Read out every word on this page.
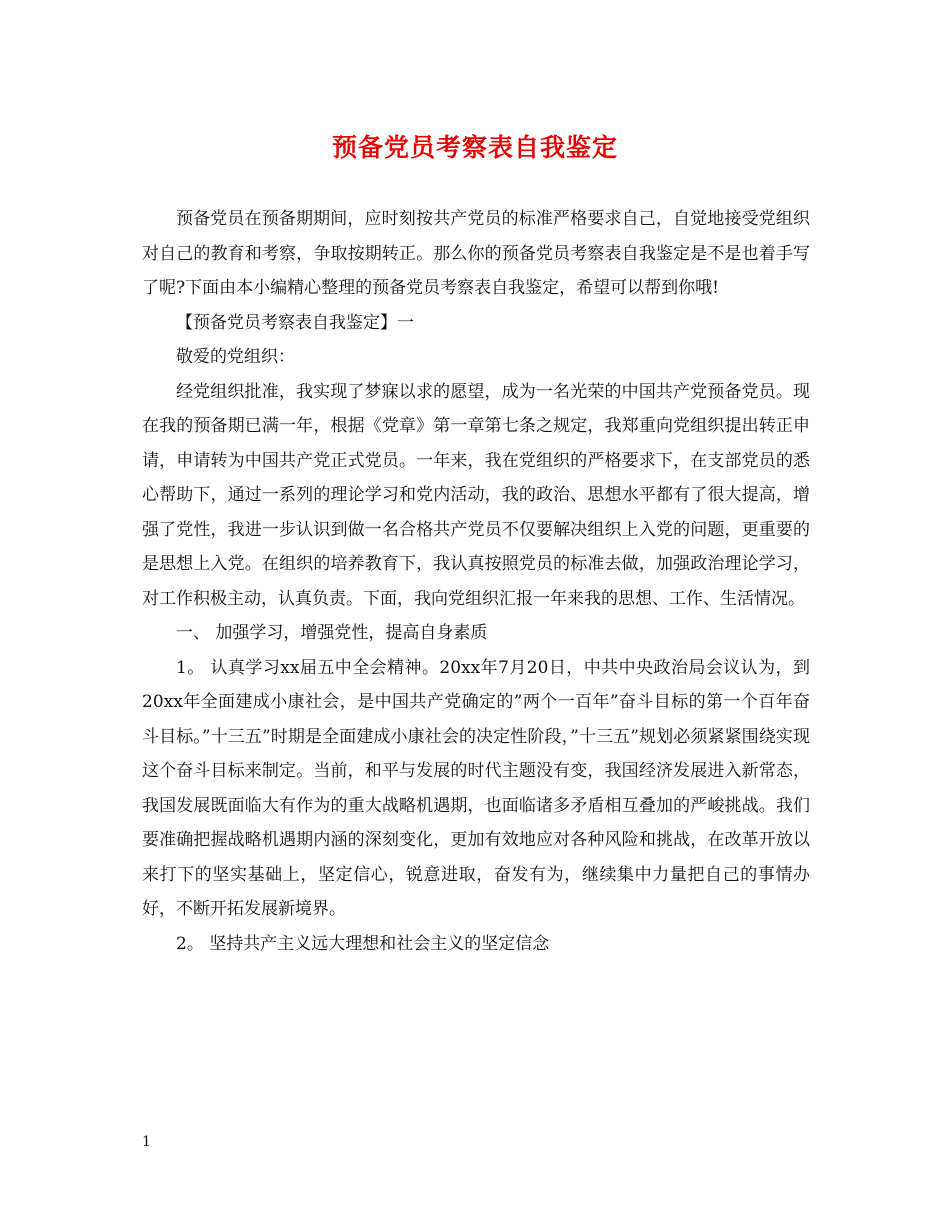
预备党员考察表自我鉴定

预备党员在预备期期间，应时刻按共产党员的标准严格要求自己，自觉地接受党组织对自己的教育和考察，争取按期转正。那么你的预备党员考察表自我鉴定是不是也着手写了呢?下面由本小编精心整理的预备党员考察表自我鉴定，希望可以帮到你哦!

【预备党员考察表自我鉴定】一

敬爱的党组织：

经党组织批准，我实现了梦寐以求的愿望，成为一名光荣的中国共产党预备党员。现在我的预备期已满一年，根据《党章》第一章第七条之规定，我郑重向党组织提出转正申请，申请转为中国共产党正式党员。一年来，我在党组织的严格要求下，在支部党员的悉心帮助下，通过一系列的理论学习和党内活动，我的政治、思想水平都有了很大提高，增强了党性，我进一步认识到做一名合格共产党员不仅要解决组织上入党的问题，更重要的是思想上入党。在组织的培养教育下，我认真按照党员的标准去做，加强政治理论学习，对工作积极主动，认真负责。下面，我向党组织汇报一年来我的思想、工作、生活情况。

一、 加强学习，增强党性，提高自身素质

1。 认真学习xx届五中全会精神。20xx年7月20日，中共中央政治局会议认为，到20xx年全面建成小康社会，是中国共产党确定的”两个一百年”奋斗目标的第一个百年奋斗目标。”十三五”时期是全面建成小康社会的决定性阶段，”十三五”规划必须紧紧围绕实现这个奋斗目标来制定。当前，和平与发展的时代主题没有变，我国经济发展进入新常态，我国发展既面临大有作为的重大战略机遇期，也面临诸多矛盾相互叠加的严峻挑战。我们要准确把握战略机遇期内涵的深刻变化，更加有效地应对各种风险和挑战，在改革开放以来打下的坚实基础上，坚定信心，锐意进取，奋发有为，继续集中力量把自己的事情办好，不断开拓发展新境界。

2。 坚持共产主义远大理想和社会主义的坚定信念

1
